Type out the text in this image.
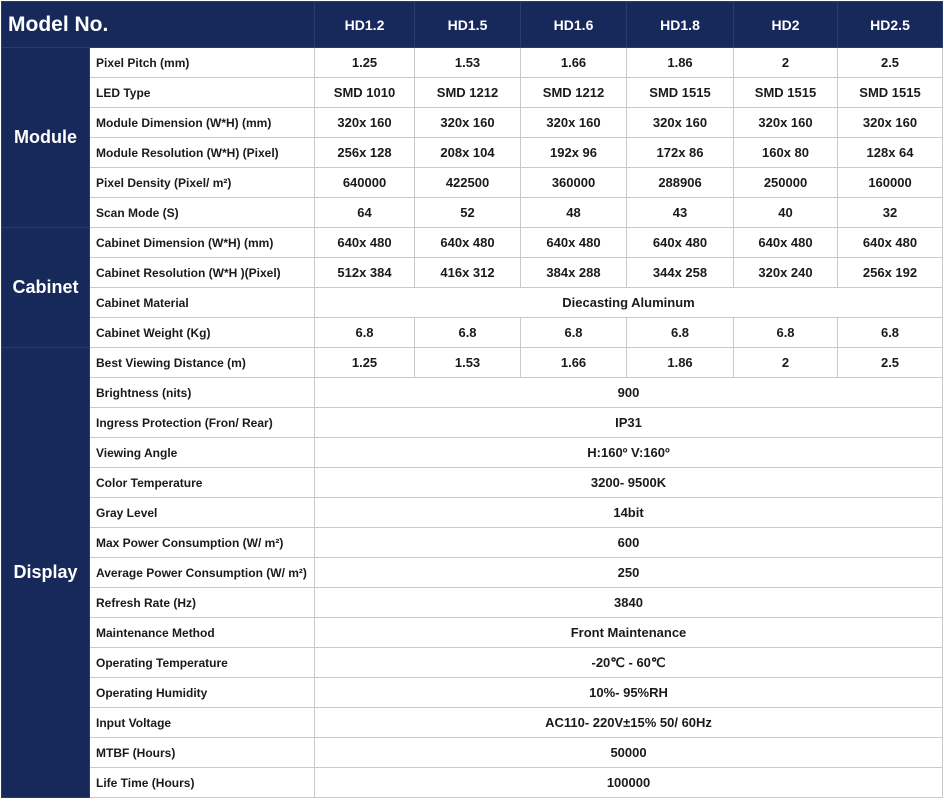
Model No.		HD1.2	HD1.5	HD1.6	HD1.8	HD2	HD2.5
Module	Pixel Pitch (mm)	1.25	1.53	1.66	1.86	2	2.5
	LED Type	SMD 1010	SMD 1212	SMD 1212	SMD 1515	SMD 1515	SMD 1515
	Module Dimension (W*H) (mm)	320x 160	320x 160	320x 160	320x 160	320x 160	320x 160
	Module Resolution (W*H) (Pixel)	256x 128	208x 104	192x 96	172x 86	160x 80	128x 64
	Pixel Density (Pixel/ m²)	640000	422500	360000	288906	250000	160000
	Scan Mode (S)	64	52	48	43	40	32
Cabinet	Cabinet Dimension (W*H) (mm)	640x 480	640x 480	640x 480	640x 480	640x 480	640x 480
	Cabinet Resolution (W*H )(Pixel)	512x 384	416x 312	384x 288	344x 258	320x 240	256x 192
	Cabinet Material	Diecasting Aluminum					
	Cabinet Weight (Kg)	6.8	6.8	6.8	6.8	6.8	6.8
Display	Best Viewing Distance (m)	1.25	1.53	1.66	1.86	2	2.5
	Brightness (nits)	900					
	Ingress Protection (Fron/ Rear)	IP31					
	Viewing Angle	H:160º V:160º					
	Color Temperature	3200- 9500K					
	Gray Level	14bit					
	Max Power Consumption (W/ m²)	600					
	Average Power Consumption (W/ m²)	250					
	Refresh Rate (Hz)	3840					
	Maintenance Method	Front Maintenance					
	Operating Temperature	-20℃ - 60℃					
	Operating Humidity	10%- 95%RH					
	Input Voltage	AC110- 220V±15% 50/ 60Hz					
	MTBF (Hours)	50000					
	Life Time (Hours)	100000					
